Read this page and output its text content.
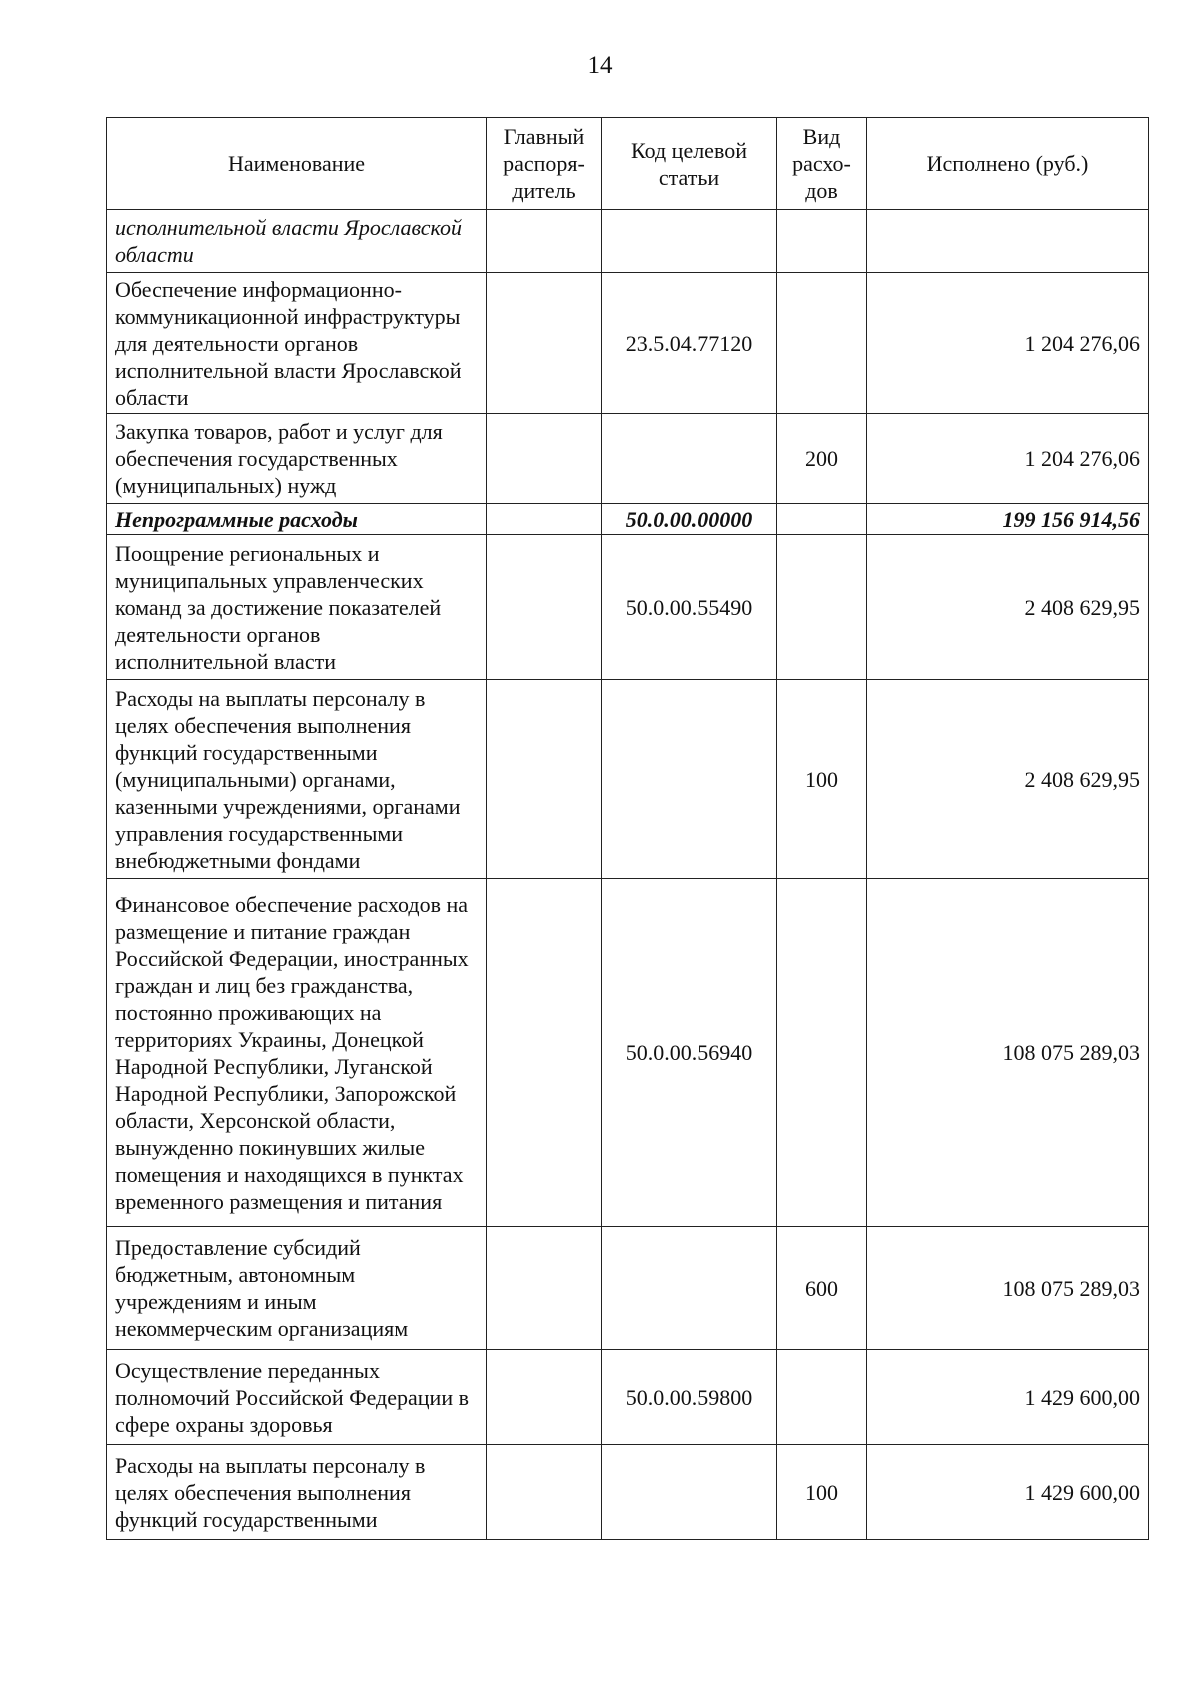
14
Наименование	Главный распоря-дитель	Код целевой статьи	Вид расхо-дов	Исполнено (руб.)
исполнительной власти Ярославской области				
Обеспечение информационно-коммуникационной инфраструктуры для деятельности органов исполнительной власти Ярославской области		23.5.04.77120		1 204 276,06
Закупка товаров, работ и услуг для обеспечения государственных (муниципальных) нужд			200	1 204 276,06
Непрограммные расходы		50.0.00.00000		199 156 914,56
Поощрение региональных и муниципальных управленческих команд за достижение показателей деятельности органов исполнительной власти		50.0.00.55490		2 408 629,95
Расходы на выплаты персоналу в целях обеспечения выполнения функций государственными (муниципальными) органами, казенными учреждениями, органами управления государственными внебюджетными фондами			100	2 408 629,95
Финансовое обеспечение расходов на размещение и питание граждан Российской Федерации, иностранных граждан и лиц без гражданства, постоянно проживающих на территориях Украины, Донецкой Народной Республики, Луганской Народной Республики, Запорожской области, Херсонской области, вынужденно покинувших жилые помещения и находящихся в пунктах временного размещения и питания		50.0.00.56940		108 075 289,03
Предоставление субсидий бюджетным, автономным учреждениям и иным некоммерческим организациям			600	108 075 289,03
Осуществление переданных полномочий Российской Федерации в сфере охраны здоровья		50.0.00.59800		1 429 600,00
Расходы на выплаты персоналу в целях обеспечения выполнения функций государственными			100	1 429 600,00
